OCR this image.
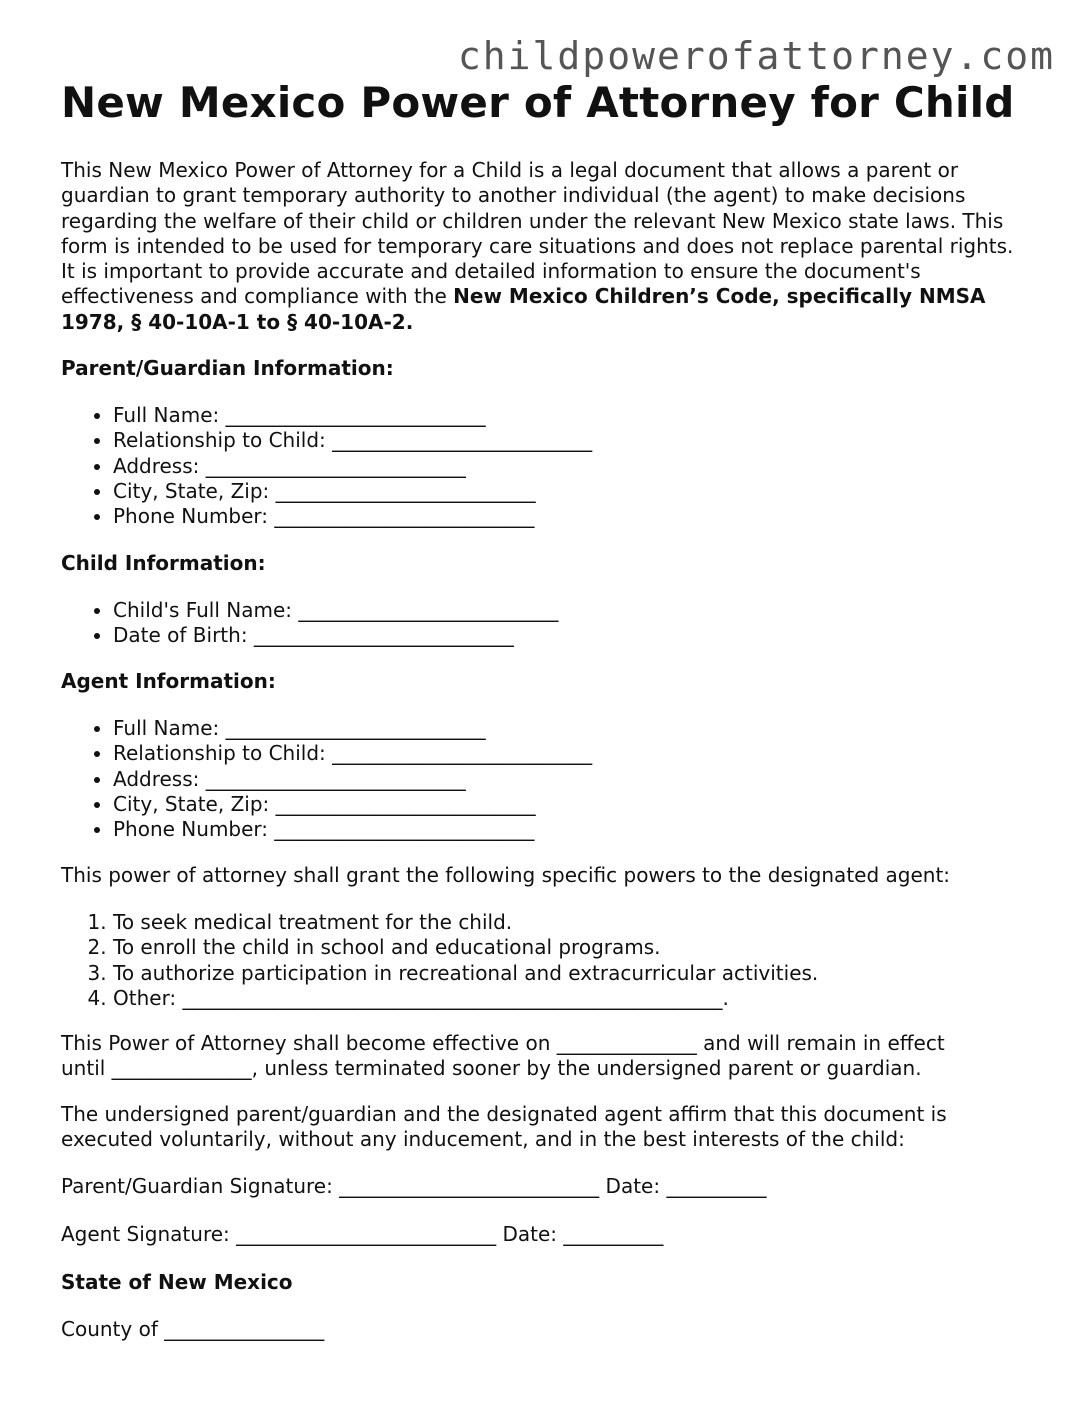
childpowerofattorney.com
New Mexico Power of Attorney for Child

This New Mexico Power of Attorney for a Child is a legal document that allows a parent or guardian to grant temporary authority to another individual (the agent) to make decisions regarding the welfare of their child or children under the relevant New Mexico state laws. This form is intended to be used for temporary care situations and does not replace parental rights. It is important to provide accurate and detailed information to ensure the document's effectiveness and compliance with the New Mexico Children’s Code, specifically NMSA 1978, § 40-10A-1 to § 40-10A-2.

Parent/Guardian Information:
• Full Name: __________________________
• Relationship to Child: __________________________
• Address: __________________________
• City, State, Zip: __________________________
• Phone Number: __________________________
Child Information:
• Child's Full Name: __________________________
• Date of Birth: __________________________
Agent Information:
• Full Name: __________________________
• Relationship to Child: __________________________
• Address: __________________________
• City, State, Zip: __________________________
• Phone Number: __________________________

This power of attorney shall grant the following specific powers to the designated agent:

1. To seek medical treatment for the child.
2. To enroll the child in school and educational programs.
3. To authorize participation in recreational and extracurricular activities.
4. Other: ______________________________________________________.

This Power of Attorney shall become effective on ______________ and will remain in effect
until ______________, unless terminated sooner by the undersigned parent or guardian.

The undersigned parent/guardian and the designated agent affirm that this document is executed voluntarily, without any inducement, and in the best interests of the child:

Parent/Guardian Signature: __________________________ Date: __________

Agent Signature: __________________________ Date: __________

State of New Mexico

County of ________________
